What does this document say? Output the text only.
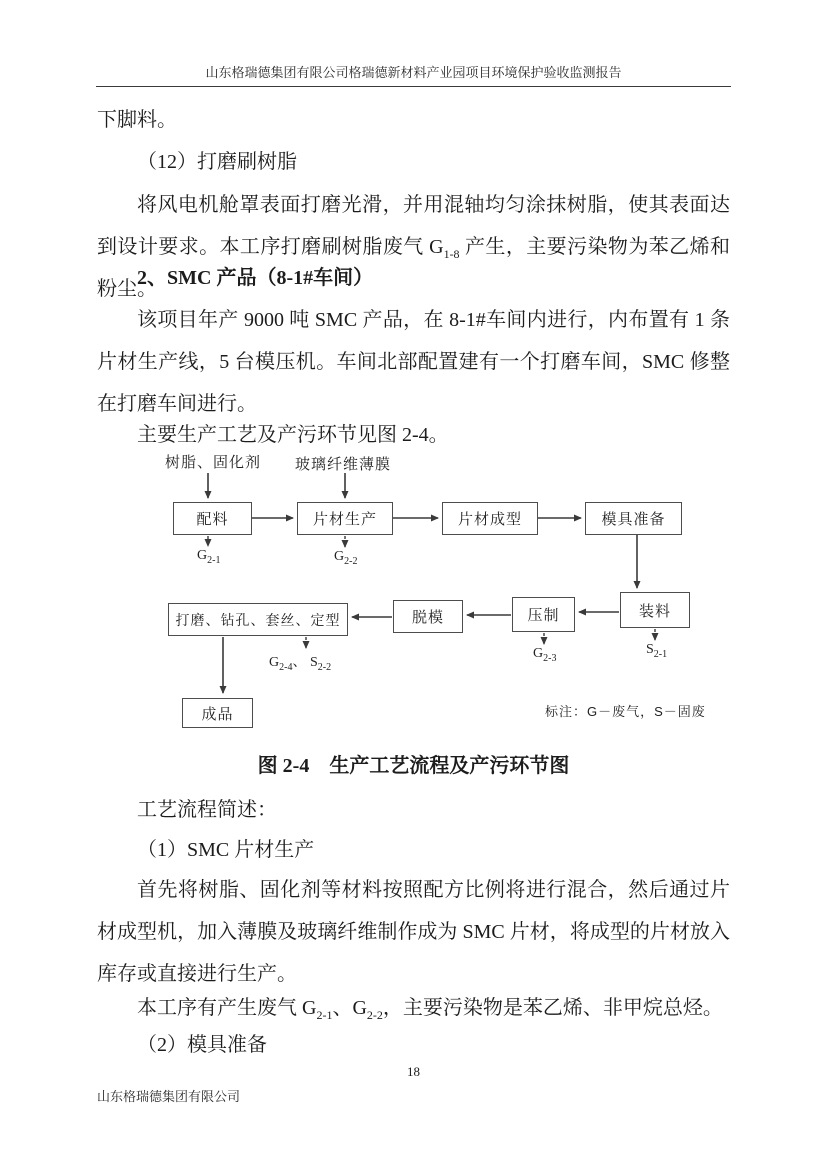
山东格瑞德集团有限公司格瑞德新材料产业园项目环境保护验收监测报告
下脚料。
（12）打磨刷树脂
将风电机舱罩表面打磨光滑，并用混轴均匀涂抹树脂，使其表面达到设计要求。本工序打磨刷树脂废气 $G_{1-8}$ 产生，主要污染物为苯乙烯和粉尘。
2、SMC 产品（8-1#车间）
该项目年产 9000 吨 SMC 产品，在 8-1#车间内进行，内布置有 1 条片材生产线，5 台模压机。车间北部配置建有一个打磨车间，SMC 修整在打磨车间进行。
主要生产工艺及产污环节见图 2-4。
树脂、固化剂 玻璃纤维薄膜
配料	片材生产	片材成型	模具准备
装料
压制
脱模
打磨、钻孔、套丝、定型
成品
$G_{2-1}$	$G_{2-2}$
$S_{2-1}$
$G_{2-3}$
$G_{2-4}$、 $S_{2-2}$
标注：G－废气，S－固废
图 2-4　生产工艺流程及产污环节图
工艺流程简述：
（1）SMC 片材生产
首先将树脂、固化剂等材料按照配方比例将进行混合，然后通过片材成型机，加入薄膜及玻璃纤维制作成为 SMC 片材，将成型的片材放入库存或直接进行生产。
本工序有产生废气 $G_{2-1}$、$G_{2-2}$，主要污染物是苯乙烯、非甲烷总烃。
（2）模具准备
18
山东格瑞德集团有限公司
